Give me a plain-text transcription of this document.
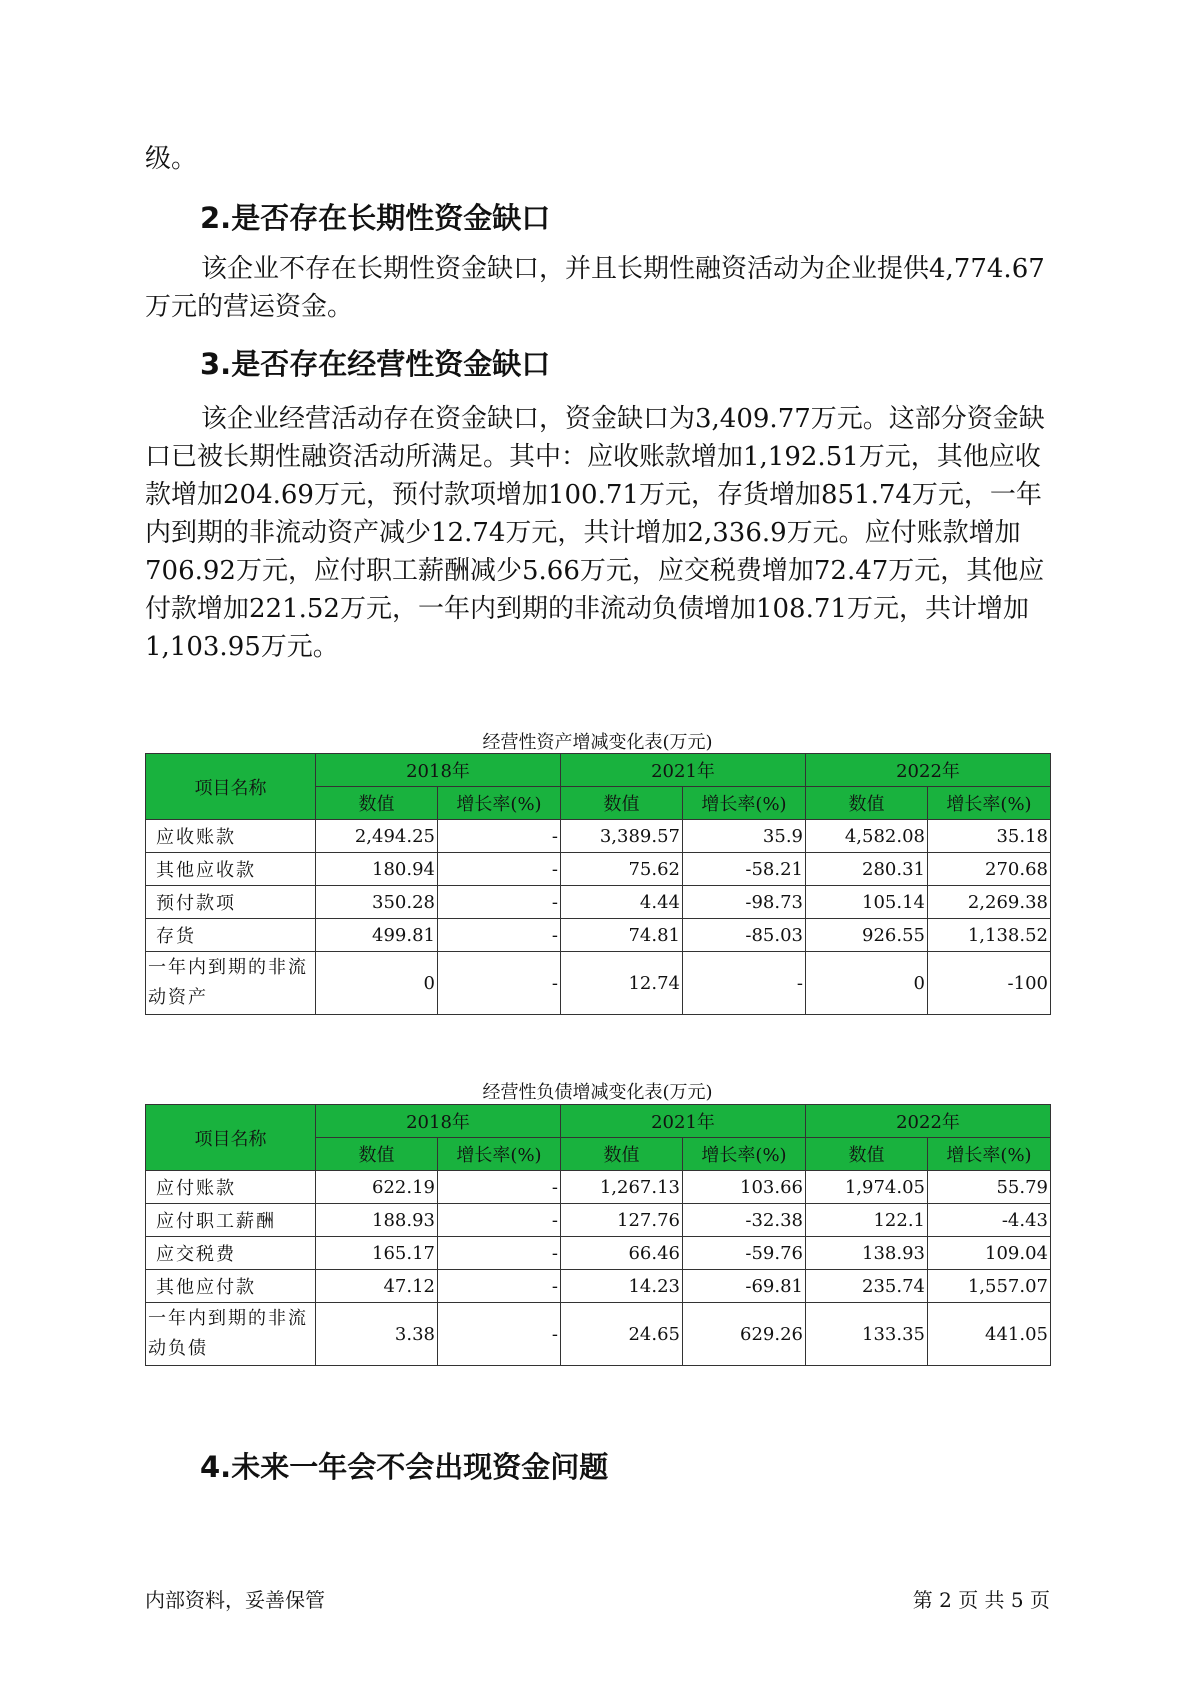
级。

2.是否存在长期性资金缺口

该企业不存在长期性资金缺口，并且长期性融资活动为企业提供4,774.67万元的营运资金。

3.是否存在经营性资金缺口

该企业经营活动存在资金缺口，资金缺口为3,409.77万元。这部分资金缺口已被长期性融资活动所满足。其中：应收账款增加1,192.51万元，其他应收款增加204.69万元，预付款项增加100.71万元，存货增加851.74万元，一年内到期的非流动资产减少12.74万元，共计增加2,336.9万元。应付账款增加706.92万元，应付职工薪酬减少5.66万元，应交税费增加72.47万元，其他应付款增加221.52万元，一年内到期的非流动负债增加108.71万元，共计增加1,103.95万元。

经营性资产增减变化表(万元)
项目名称	2018年		2021年		2022年	
	数值	增长率(%)	数值	增长率(%)	数值	增长率(%)
应收账款	2,494.25	-	3,389.57	35.9	4,582.08	35.18
其他应收款	180.94	-	75.62	-58.21	280.31	270.68
预付款项	350.28	-	4.44	-98.73	105.14	2,269.38
存货	499.81	-	74.81	-85.03	926.55	1,138.52
一年内到期的非流动资产	0	-	12.74	-	0	-100
经营性负债增减变化表(万元)
项目名称	2018年		2021年		2022年	
	数值	增长率(%)	数值	增长率(%)	数值	增长率(%)
应付账款	622.19	-	1,267.13	103.66	1,974.05	55.79
应付职工薪酬	188.93	-	127.76	-32.38	122.1	-4.43
应交税费	165.17	-	66.46	-59.76	138.93	109.04
其他应付款	47.12	-	14.23	-69.81	235.74	1,557.07
一年内到期的非流动负债	3.38	-	24.65	629.26	133.35	441.05
4.未来一年会不会出现资金问题
内部资料，妥善保管	第 2 页 共 5 页
